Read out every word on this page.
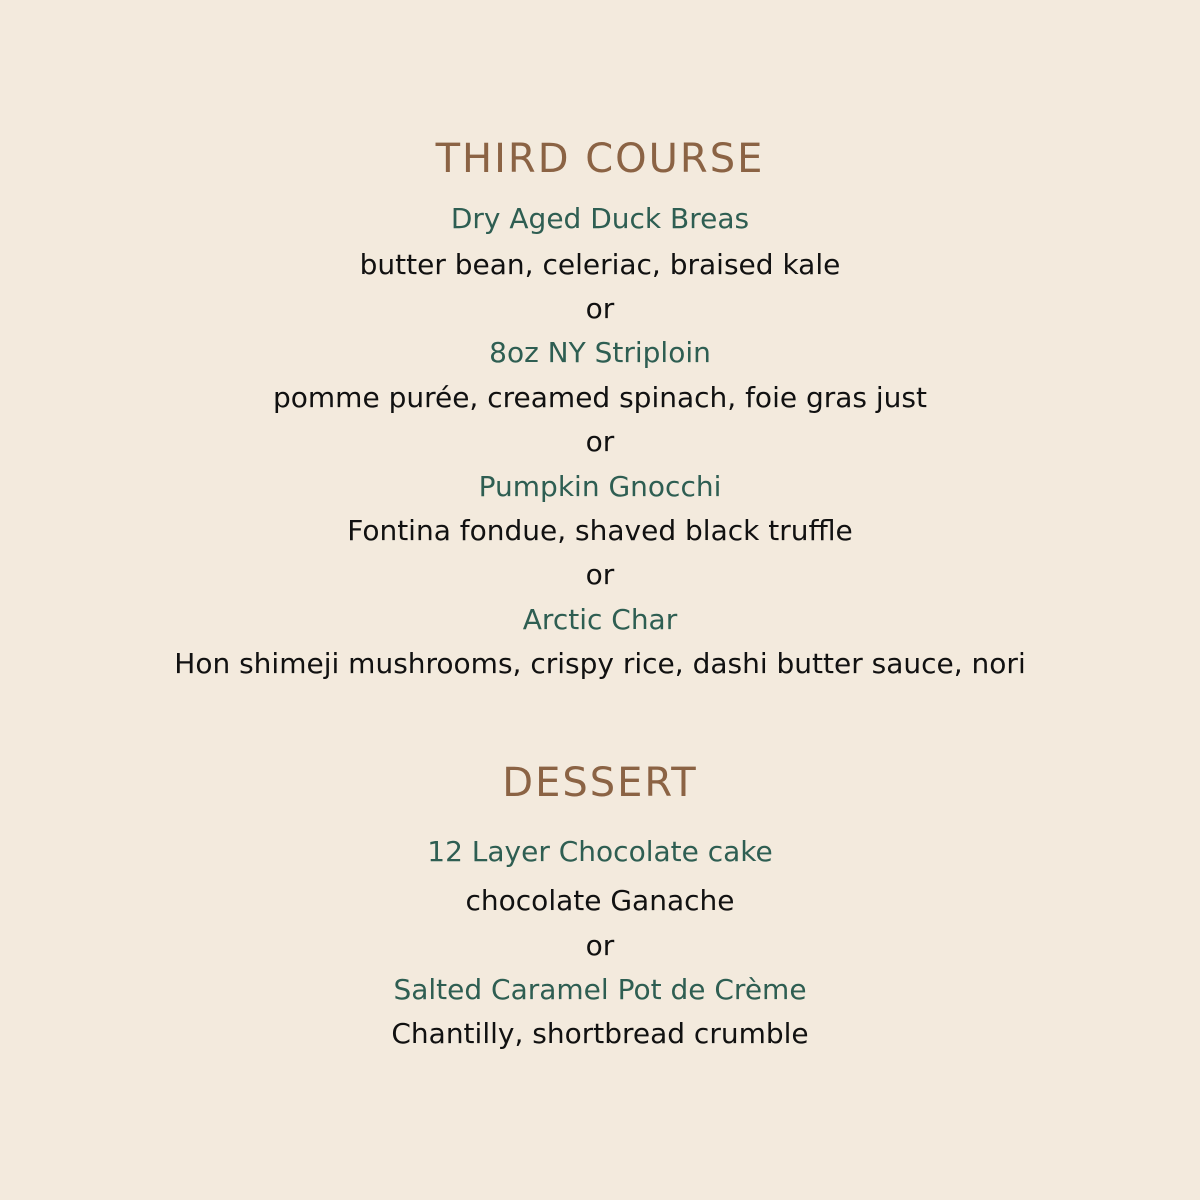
THIRD COURSE

Dry Aged Duck Breas

butter bean, celeriac, braised kale

or

8oz NY Striploin

pomme purée, creamed spinach, foie gras just

or

Pumpkin Gnocchi

Fontina fondue, shaved black truffle

or

Arctic Char

Hon shimeji mushrooms, crispy rice, dashi butter sauce, nori

DESSERT

12 Layer Chocolate cake

chocolate Ganache

or

Salted Caramel Pot de Crème

Chantilly, shortbread crumble
